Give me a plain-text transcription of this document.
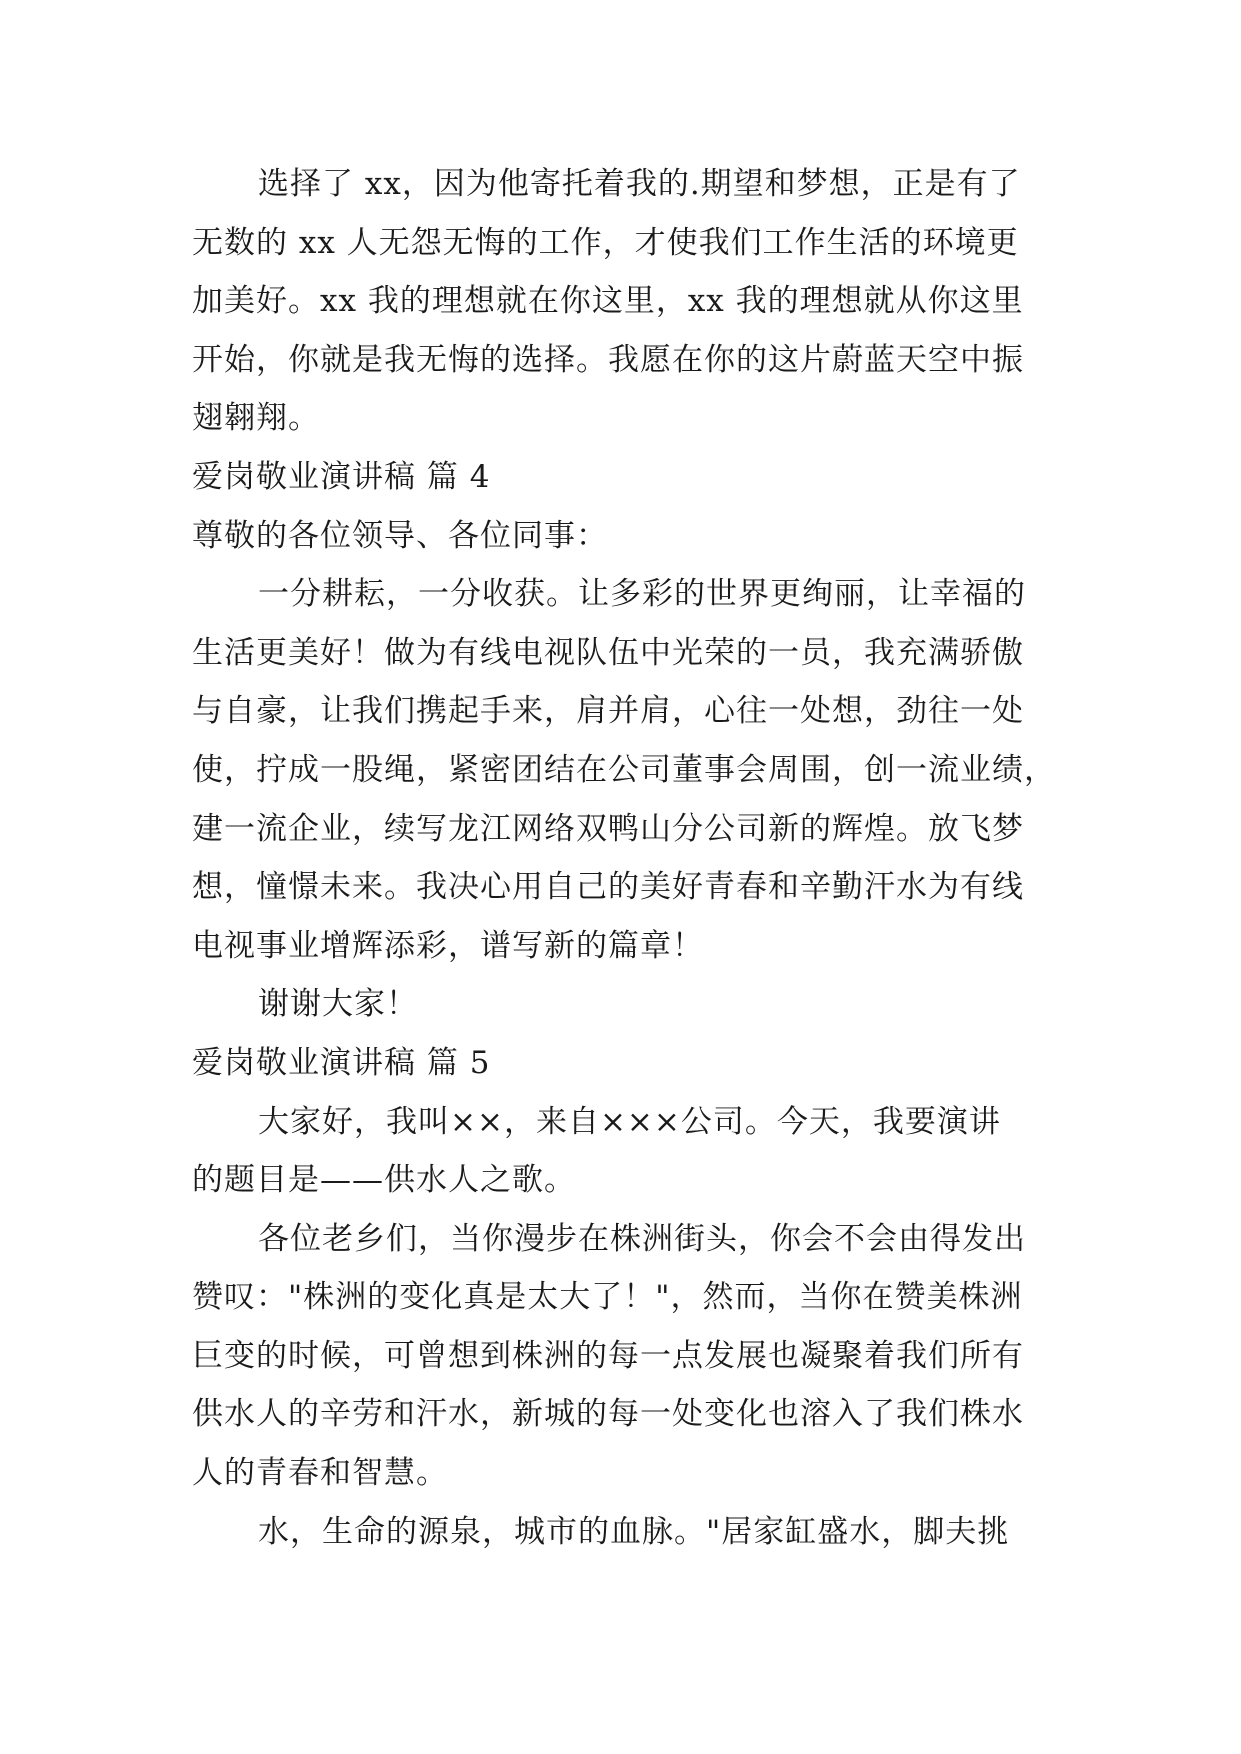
选择了 xx，因为他寄托着我的.期望和梦想，正是有了
无数的 xx 人无怨无悔的工作，才使我们工作生活的环境更
加美好。xx 我的理想就在你这里，xx 我的理想就从你这里
开始，你就是我无悔的选择。我愿在你的这片蔚蓝天空中振
翅翱翔。
爱岗敬业演讲稿 篇 4
尊敬的各位领导、各位同事：
一分耕耘，一分收获。让多彩的世界更绚丽，让幸福的
生活更美好！做为有线电视队伍中光荣的一员，我充满骄傲
与自豪，让我们携起手来，肩并肩，心往一处想，劲往一处
使，拧成一股绳，紧密团结在公司董事会周围，创一流业绩，
建一流企业，续写龙江网络双鸭山分公司新的辉煌。放飞梦
想，憧憬未来。我决心用自己的美好青春和辛勤汗水为有线
电视事业增辉添彩，谱写新的篇章！
谢谢大家！
爱岗敬业演讲稿 篇 5
大家好，我叫××，来自×××公司。今天，我要演讲
的题目是——供水人之歌。
各位老乡们，当你漫步在株洲街头，你会不会由得发出
赞叹："株洲的变化真是太大了！"，然而，当你在赞美株洲
巨变的时候，可曾想到株洲的每一点发展也凝聚着我们所有
供水人的辛劳和汗水，新城的每一处变化也溶入了我们株水
人的青春和智慧。
水，生命的源泉，城市的血脉。"居家缸盛水，脚夫挑
